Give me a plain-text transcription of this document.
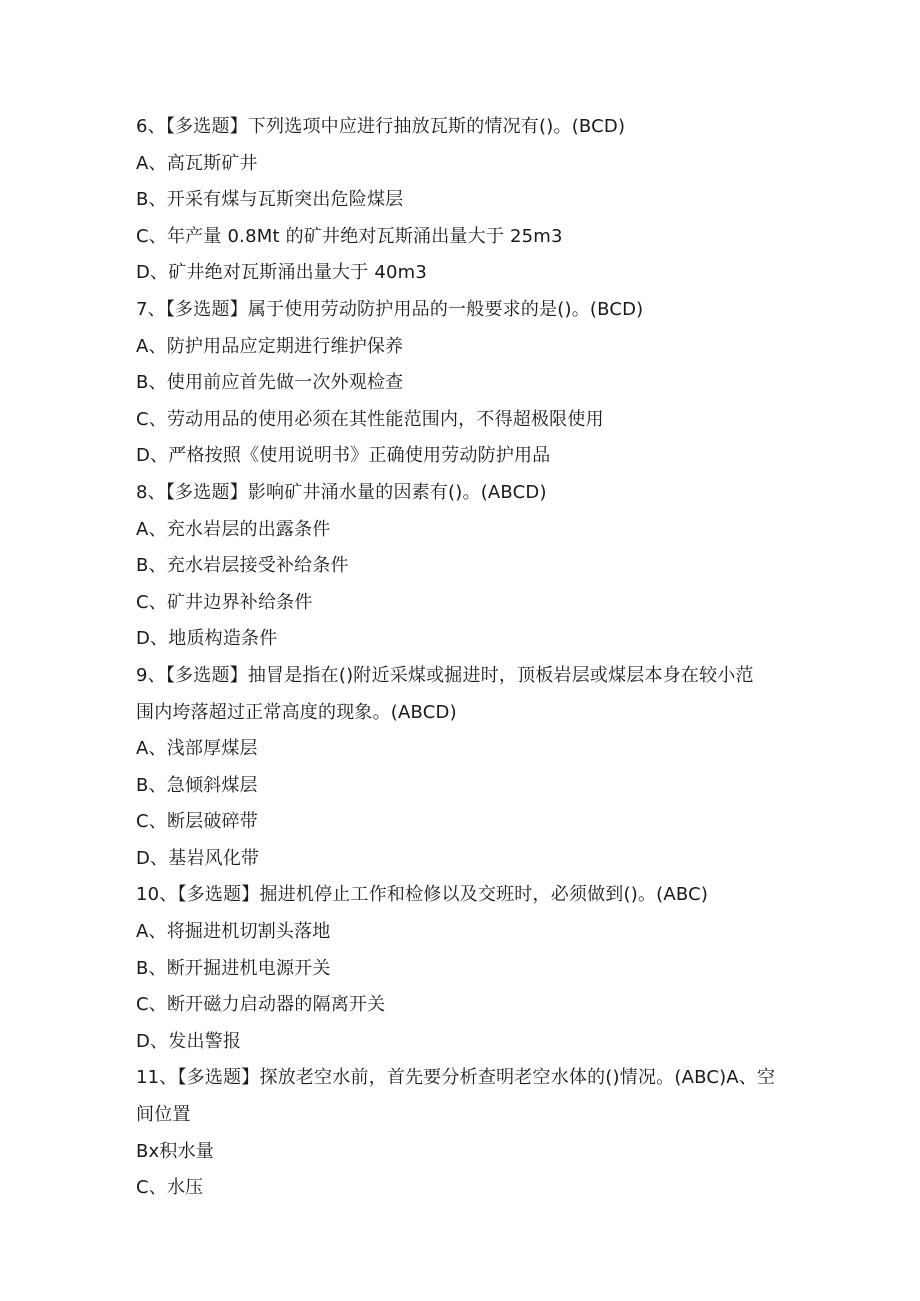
6、【多选题】下列选项中应进行抽放瓦斯的情况有()。(BCD)
A、高瓦斯矿井
B、开采有煤与瓦斯突出危险煤层
C、年产量 0.8Mt 的矿井绝对瓦斯涌出量大于 25m3
D、矿井绝对瓦斯涌出量大于 40m3
7、【多选题】属于使用劳动防护用品的一般要求的是()。(BCD)
A、防护用品应定期进行维护保养
B、使用前应首先做一次外观检查
C、劳动用品的使用必须在其性能范围内，不得超极限使用
D、严格按照《使用说明书》正确使用劳动防护用品
8、【多选题】影响矿井涌水量的因素有()。(ABCD)
A、充水岩层的出露条件
B、充水岩层接受补给条件
C、矿井边界补给条件
D、地质构造条件
9、【多选题】抽冒是指在()附近采煤或掘进时，顶板岩层或煤层本身在较小范
围内垮落超过正常高度的现象。(ABCD)
A、浅部厚煤层
B、急倾斜煤层
C、断层破碎带
D、基岩风化带
10、【多选题】掘进机停止工作和检修以及交班时，必须做到()。(ABC)
A、将掘进机切割头落地
B、断开掘进机电源开关
C、断开磁力启动器的隔离开关
D、发出警报
11、【多选题】探放老空水前，首先要分析查明老空水体的()情况。(ABC)A、空
间位置
Bx积水量
C、水压
